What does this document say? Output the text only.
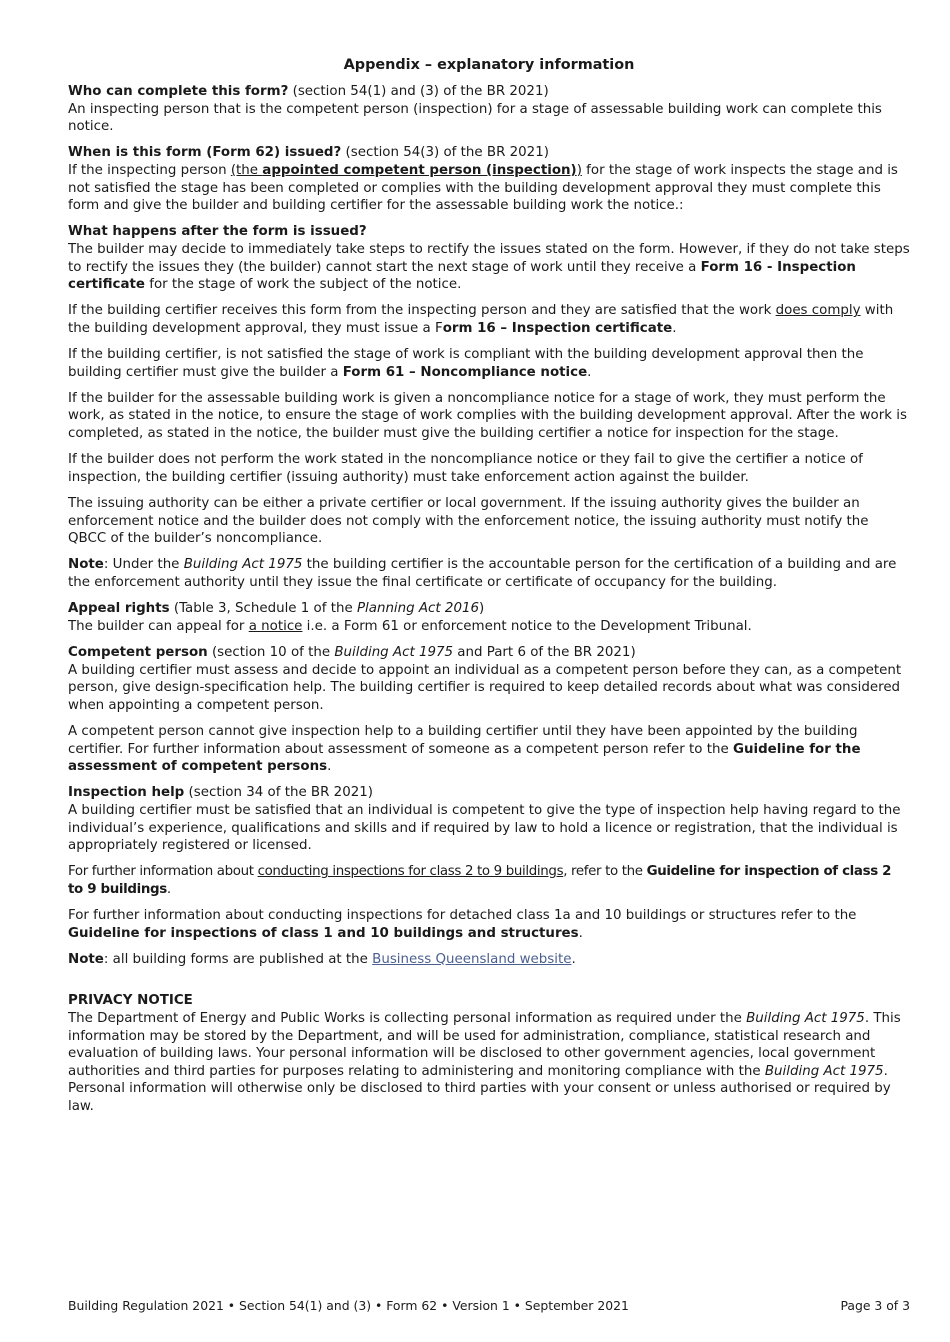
Appendix – explanatory information

Who can complete this form? (section 54(1) and (3) of the BR 2021)

An inspecting person that is the competent person (inspection) for a stage of assessable building work can complete this notice.

When is this form (Form 62) issued? (section 54(3) of the BR 2021)

If the inspecting person (the appointed competent person (inspection)) for the stage of work inspects the stage and is not satisfied the stage has been completed or complies with the building development approval they must complete this form and give the builder and building certifier for the assessable building work the notice.:

What happens after the form is issued?

The builder may decide to immediately take steps to rectify the issues stated on the form. However, if they do not take steps to rectify the issues they (the builder) cannot start the next stage of work until they receive a Form 16 - Inspection certificate for the stage of work the subject of the notice.

If the building certifier receives this form from the inspecting person and they are satisfied that the work does comply with the building development approval, they must issue a Form 16 – Inspection certificate.

If the building certifier, is not satisfied the stage of work is compliant with the building development approval then the building certifier must give the builder a Form 61 – Noncompliance notice.

If the builder for the assessable building work is given a noncompliance notice for a stage of work, they must perform the work, as stated in the notice, to ensure the stage of work complies with the building development approval. After the work is completed, as stated in the notice, the builder must give the building certifier a notice for inspection for the stage.

If the builder does not perform the work stated in the noncompliance notice or they fail to give the certifier a notice of inspection, the building certifier (issuing authority) must take enforcement action against the builder.

The issuing authority can be either a private certifier or local government. If the issuing authority gives the builder an enforcement notice and the builder does not comply with the enforcement notice, the issuing authority must notify the QBCC of the builder’s noncompliance.

Note: Under the Building Act 1975 the building certifier is the accountable person for the certification of a building and are the enforcement authority until they issue the final certificate or certificate of occupancy for the building.

Appeal rights (Table 3, Schedule 1 of the Planning Act 2016)

The builder can appeal for a notice i.e. a Form 61 or enforcement notice to the Development Tribunal.

Competent person (section 10 of the Building Act 1975 and Part 6 of the BR 2021)

A building certifier must assess and decide to appoint an individual as a competent person before they can, as a competent person, give design-specification help. The building certifier is required to keep detailed records about what was considered when appointing a competent person.

A competent person cannot give inspection help to a building certifier until they have been appointed by the building certifier. For further information about assessment of someone as a competent person refer to the Guideline for the assessment of competent persons.

Inspection help (section 34 of the BR 2021)

A building certifier must be satisfied that an individual is competent to give the type of inspection help having regard to the individual’s experience, qualifications and skills and if required by law to hold a licence or registration, that the individual is appropriately registered or licensed.

For further information about conducting inspections for class 2 to 9 buildings, refer to the Guideline for inspection of class 2 to 9 buildings.

For further information about conducting inspections for detached class 1a and 10 buildings or structures refer to the Guideline for inspections of class 1 and 10 buildings and structures.

Note: all building forms are published at the Business Queensland website.

PRIVACY NOTICE

The Department of Energy and Public Works is collecting personal information as required under the Building Act 1975. This information may be stored by the Department, and will be used for administration, compliance, statistical research and evaluation of building laws. Your personal information will be disclosed to other government agencies, local government authorities and third parties for purposes relating to administering and monitoring compliance with the Building Act 1975. Personal information will otherwise only be disclosed to third parties with your consent or unless authorised or required by law.

Building Regulation 2021 • Section 54(1) and (3) • Form 62 • Version 1 • September 2021	Page 3 of 3
